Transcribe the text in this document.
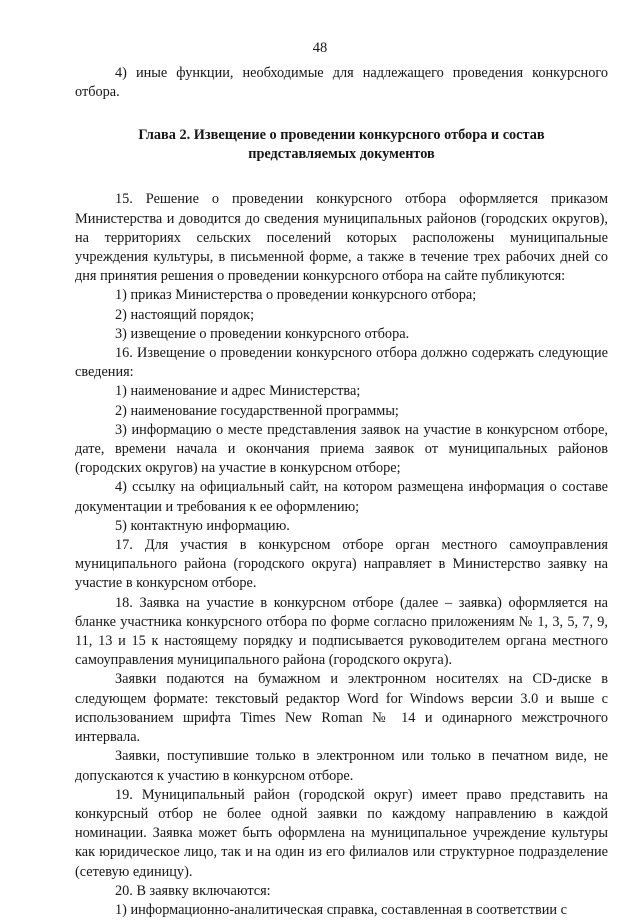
48

4) иные функции, необходимые для надлежащего проведения конкурсного отбора.

Глава 2. Извещение о проведении конкурсного отбора и состав
представляемых документов

15. Решение о проведении конкурсного отбора оформляется приказом Министерства и доводится до сведения муниципальных районов (городских округов), на территориях сельских поселений которых расположены муниципальные учреждения культуры, в письменной форме, а также в течение трех рабочих дней со дня принятия решения о проведении конкурсного отбора на сайте публикуются:

1) приказ Министерства о проведении конкурсного отбора;

2) настоящий порядок;

3) извещение о проведении конкурсного отбора.

16. Извещение о проведении конкурсного отбора должно содержать следующие сведения:

1) наименование и адрес Министерства;

2) наименование государственной программы;

3) информацию о месте представления заявок на участие в конкурсном отборе, дате, времени начала и окончания приема заявок от муниципальных районов (городских округов) на участие в конкурсном отборе;

4) ссылку на официальный сайт, на котором размещена информация о составе документации и требования к ее оформлению;

5) контактную информацию.

17. Для участия в конкурсном отборе орган местного самоуправления муниципального района (городского округа) направляет в Министерство заявку на участие в конкурсном отборе.

18. Заявка на участие в конкурсном отборе (далее – заявка) оформляется на бланке участника конкурсного отбора по форме согласно приложениям № 1, 3, 5, 7, 9, 11, 13 и 15 к настоящему порядку и подписывается руководителем органа местного самоуправления муниципального района (городского округа).

Заявки подаются на бумажном и электронном носителях на CD-диске в следующем формате: текстовый редактор Word for Windows версии 3.0 и выше с использованием шрифта Times New Roman № 14 и одинарного межстрочного интервала.

Заявки, поступившие только в электронном или только в печатном виде, не допускаются к участию в конкурсном отборе.

19. Муниципальный район (городской округ) имеет право представить на конкурсный отбор не более одной заявки по каждому направлению в каждой номинации. Заявка может быть оформлена на муниципальное учреждение культуры как юридическое лицо, так и на один из его филиалов или структурное подразделение (сетевую единицу).

20. В заявку включаются:

1) информационно-аналитическая справка, составленная в соответствии с
